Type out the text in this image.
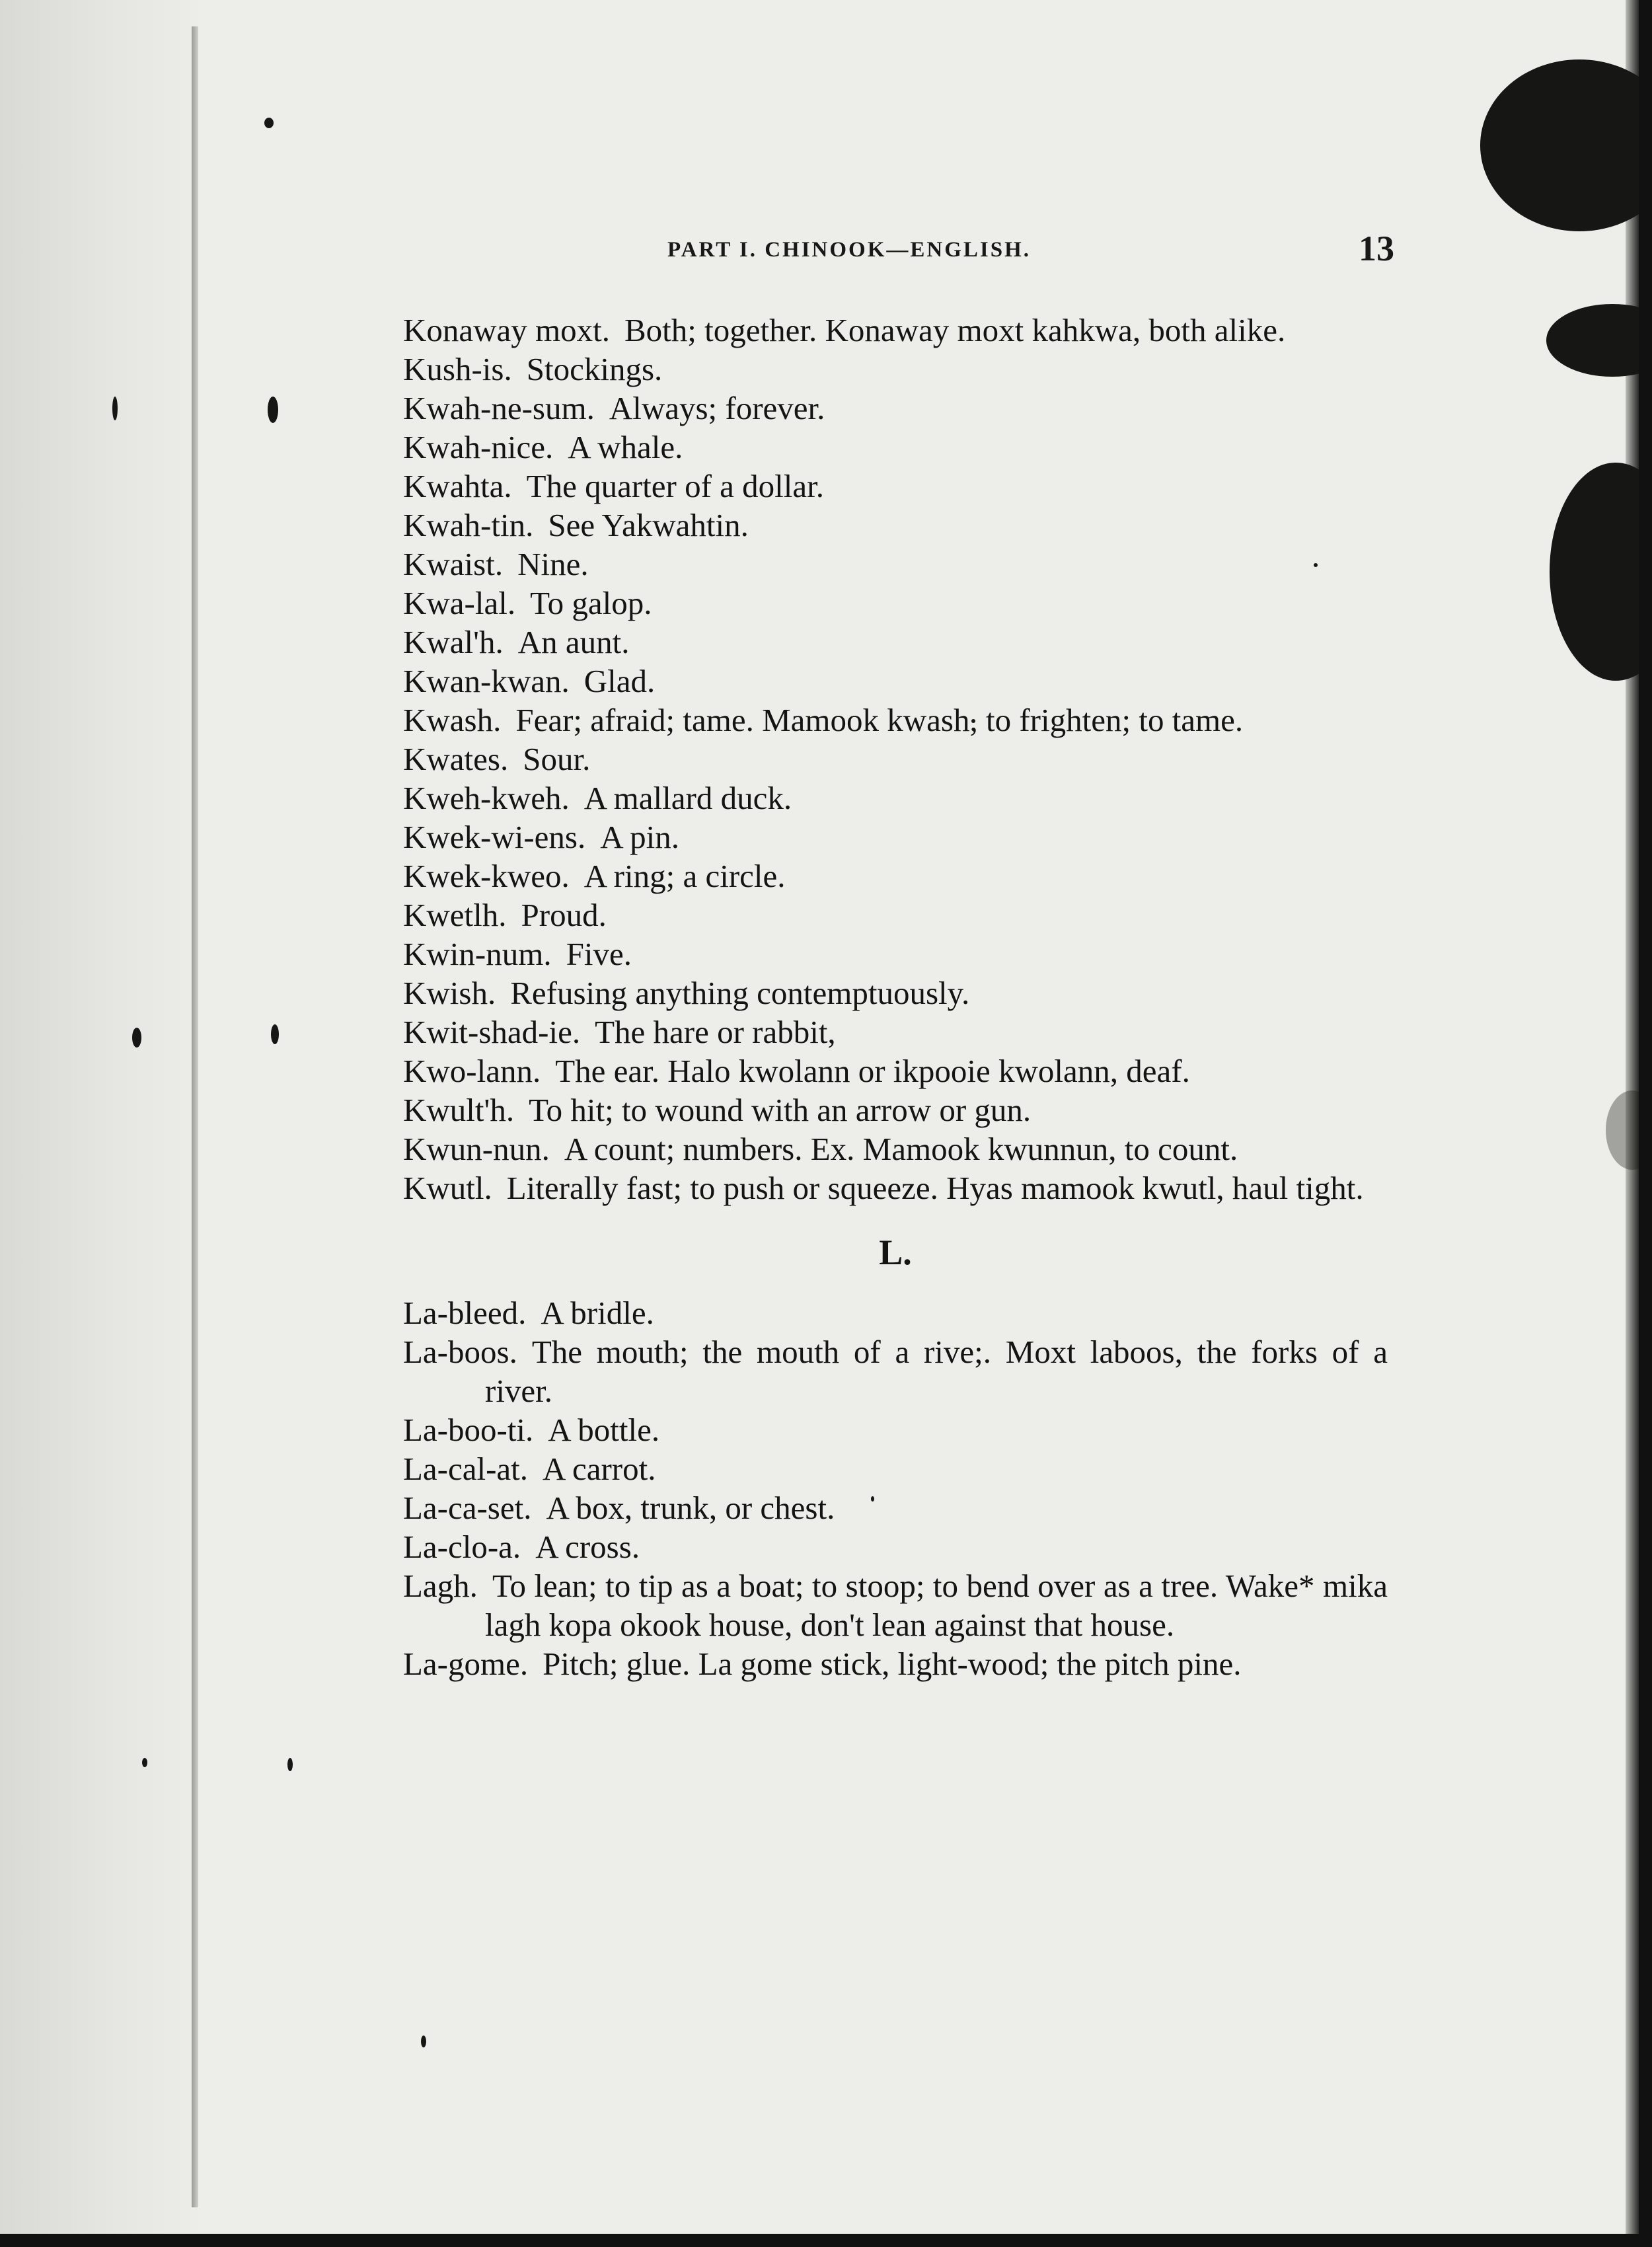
PART I. CHINOOK—ENGLISH.	13

Konaway moxt. Both; together. Konaway moxt kahkwa, both alike.

Kush-is. Stockings.

Kwah-ne-sum. Always; forever.

Kwah-nice. A whale.

Kwahta. The quarter of a dollar.

Kwah-tin. See Yakwahtin.

Kwaist. Nine.

Kwa-lal. To galop.

Kwal'h. An aunt.

Kwan-kwan. Glad.

Kwash. Fear; afraid; tame. Mamook kwash, to frighten; to tame.

Kwates. Sour.

Kweh-kweh. A mallard duck.

Kwek-wi-ens. A pin.

Kwek-kweo. A ring; a circle.

Kwetlh. Proud.

Kwin-num. Five.

Kwish. Refusing anything contemptuously.

Kwit-shad-ie. The hare or rabbit,

Kwo-lann. The ear. Halo kwolann or ikpooie kwolann, deaf.

Kwult'h. To hit; to wound with an arrow or gun.

Kwun-nun. A count; numbers. Ex. Mamook kwunnun, to count.

Kwutl. Literally fast; to push or squeeze. Hyas mamook kwutl, haul tight.

L.

La-bleed. A bridle.

La-boos. The mouth; the mouth of a rive;. Moxt laboos, the forks of a river.

La-boo-ti. A bottle.

La-cal-at. A carrot.

La-ca-set. A box, trunk, or chest.

La-clo-a. A cross.

Lagh. To lean; to tip as a boat; to stoop; to bend over as a tree. Wake* mika lagh kopa okook house, don't lean against that house.

La-gome. Pitch; glue. La gome stick, light-wood; the pitch pine.
